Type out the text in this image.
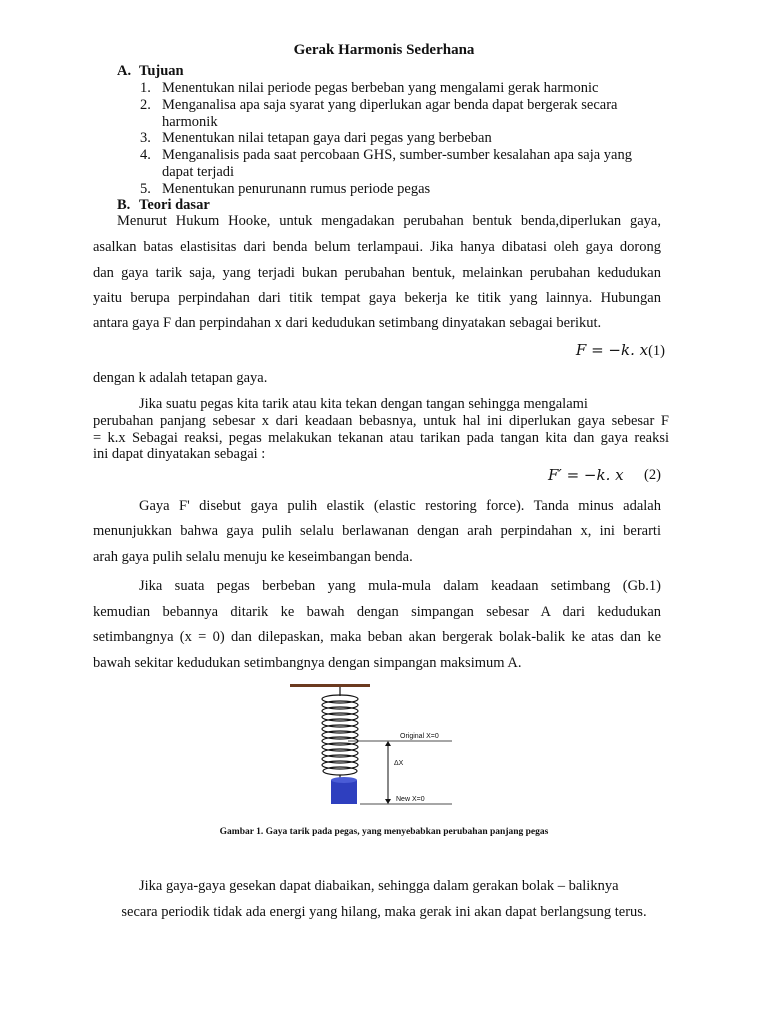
Gerak Harmonis Sederhana
A. Tujuan
1. Menentukan nilai periode pegas berbeban yang mengalami gerak harmonic
2. Menganalisa apa saja syarat yang diperlukan agar benda dapat bergerak secara
harmonik
3. Menentukan nilai tetapan gaya dari pegas yang berbeban
4. Menganalisis pada saat percobaan GHS, sumber-sumber kesalahan apa saja yang
dapat terjadi
5. Menentukan penurunann rumus periode pegas
B. Teori dasar
Menurut Hukum Hooke, untuk mengadakan perubahan bentuk benda,diperlukan gaya,
asalkan batas elastisitas dari benda belum terlampaui. Jika hanya dibatasi oleh gaya dorong
dan gaya tarik saja, yang terjadi bukan perubahan bentuk, melainkan perubahan kedudukan
yaitu berupa perpindahan dari titik tempat gaya bekerja ke titik yang lainnya. Hubungan
antara gaya F dan perpindahan x dari kedudukan setimbang dinyatakan sebagai berikut.
F = −k. x(1)
dengan k adalah tetapan gaya.
Jika suatu pegas kita tarik atau kita tekan dengan tangan sehingga mengalami
perubahan panjang sebesar x dari keadaan bebasnya, untuk hal ini diperlukan gaya sebesar F
= k.x Sebagai reaksi, pegas melakukan tekanan atau tarikan pada tangan kita dan gaya reaksi
ini dapat dinyatakan sebagai :
F′ = −k. x	(2)
Gaya F' disebut gaya pulih elastik (elastic restoring force). Tanda minus adalah
menunjukkan bahwa gaya pulih selalu berlawanan dengan arah perpindahan x, ini berarti
arah gaya pulih selalu menuju ke keseimbangan benda.
Jika suata pegas berbeban yang mula-mula dalam keadaan setimbang (Gb.1)
kemudian bebannya ditarik ke bawah dengan simpangan sebesar A dari kedudukan
setimbangnya (x = 0) dan dilepaskan, maka beban akan bergerak bolak-balik ke atas dan ke
bawah sekitar kedudukan setimbangnya dengan simpangan maksimum A.
Original X=0
ΔX
New X=0
Gambar 1. Gaya tarik pada pegas, yang menyebabkan perubahan panjang pegas
Jika gaya-gaya gesekan dapat diabaikan, sehingga dalam gerakan bolak – baliknya
secara periodik tidak ada energi yang hilang, maka gerak ini akan dapat berlangsung terus.
